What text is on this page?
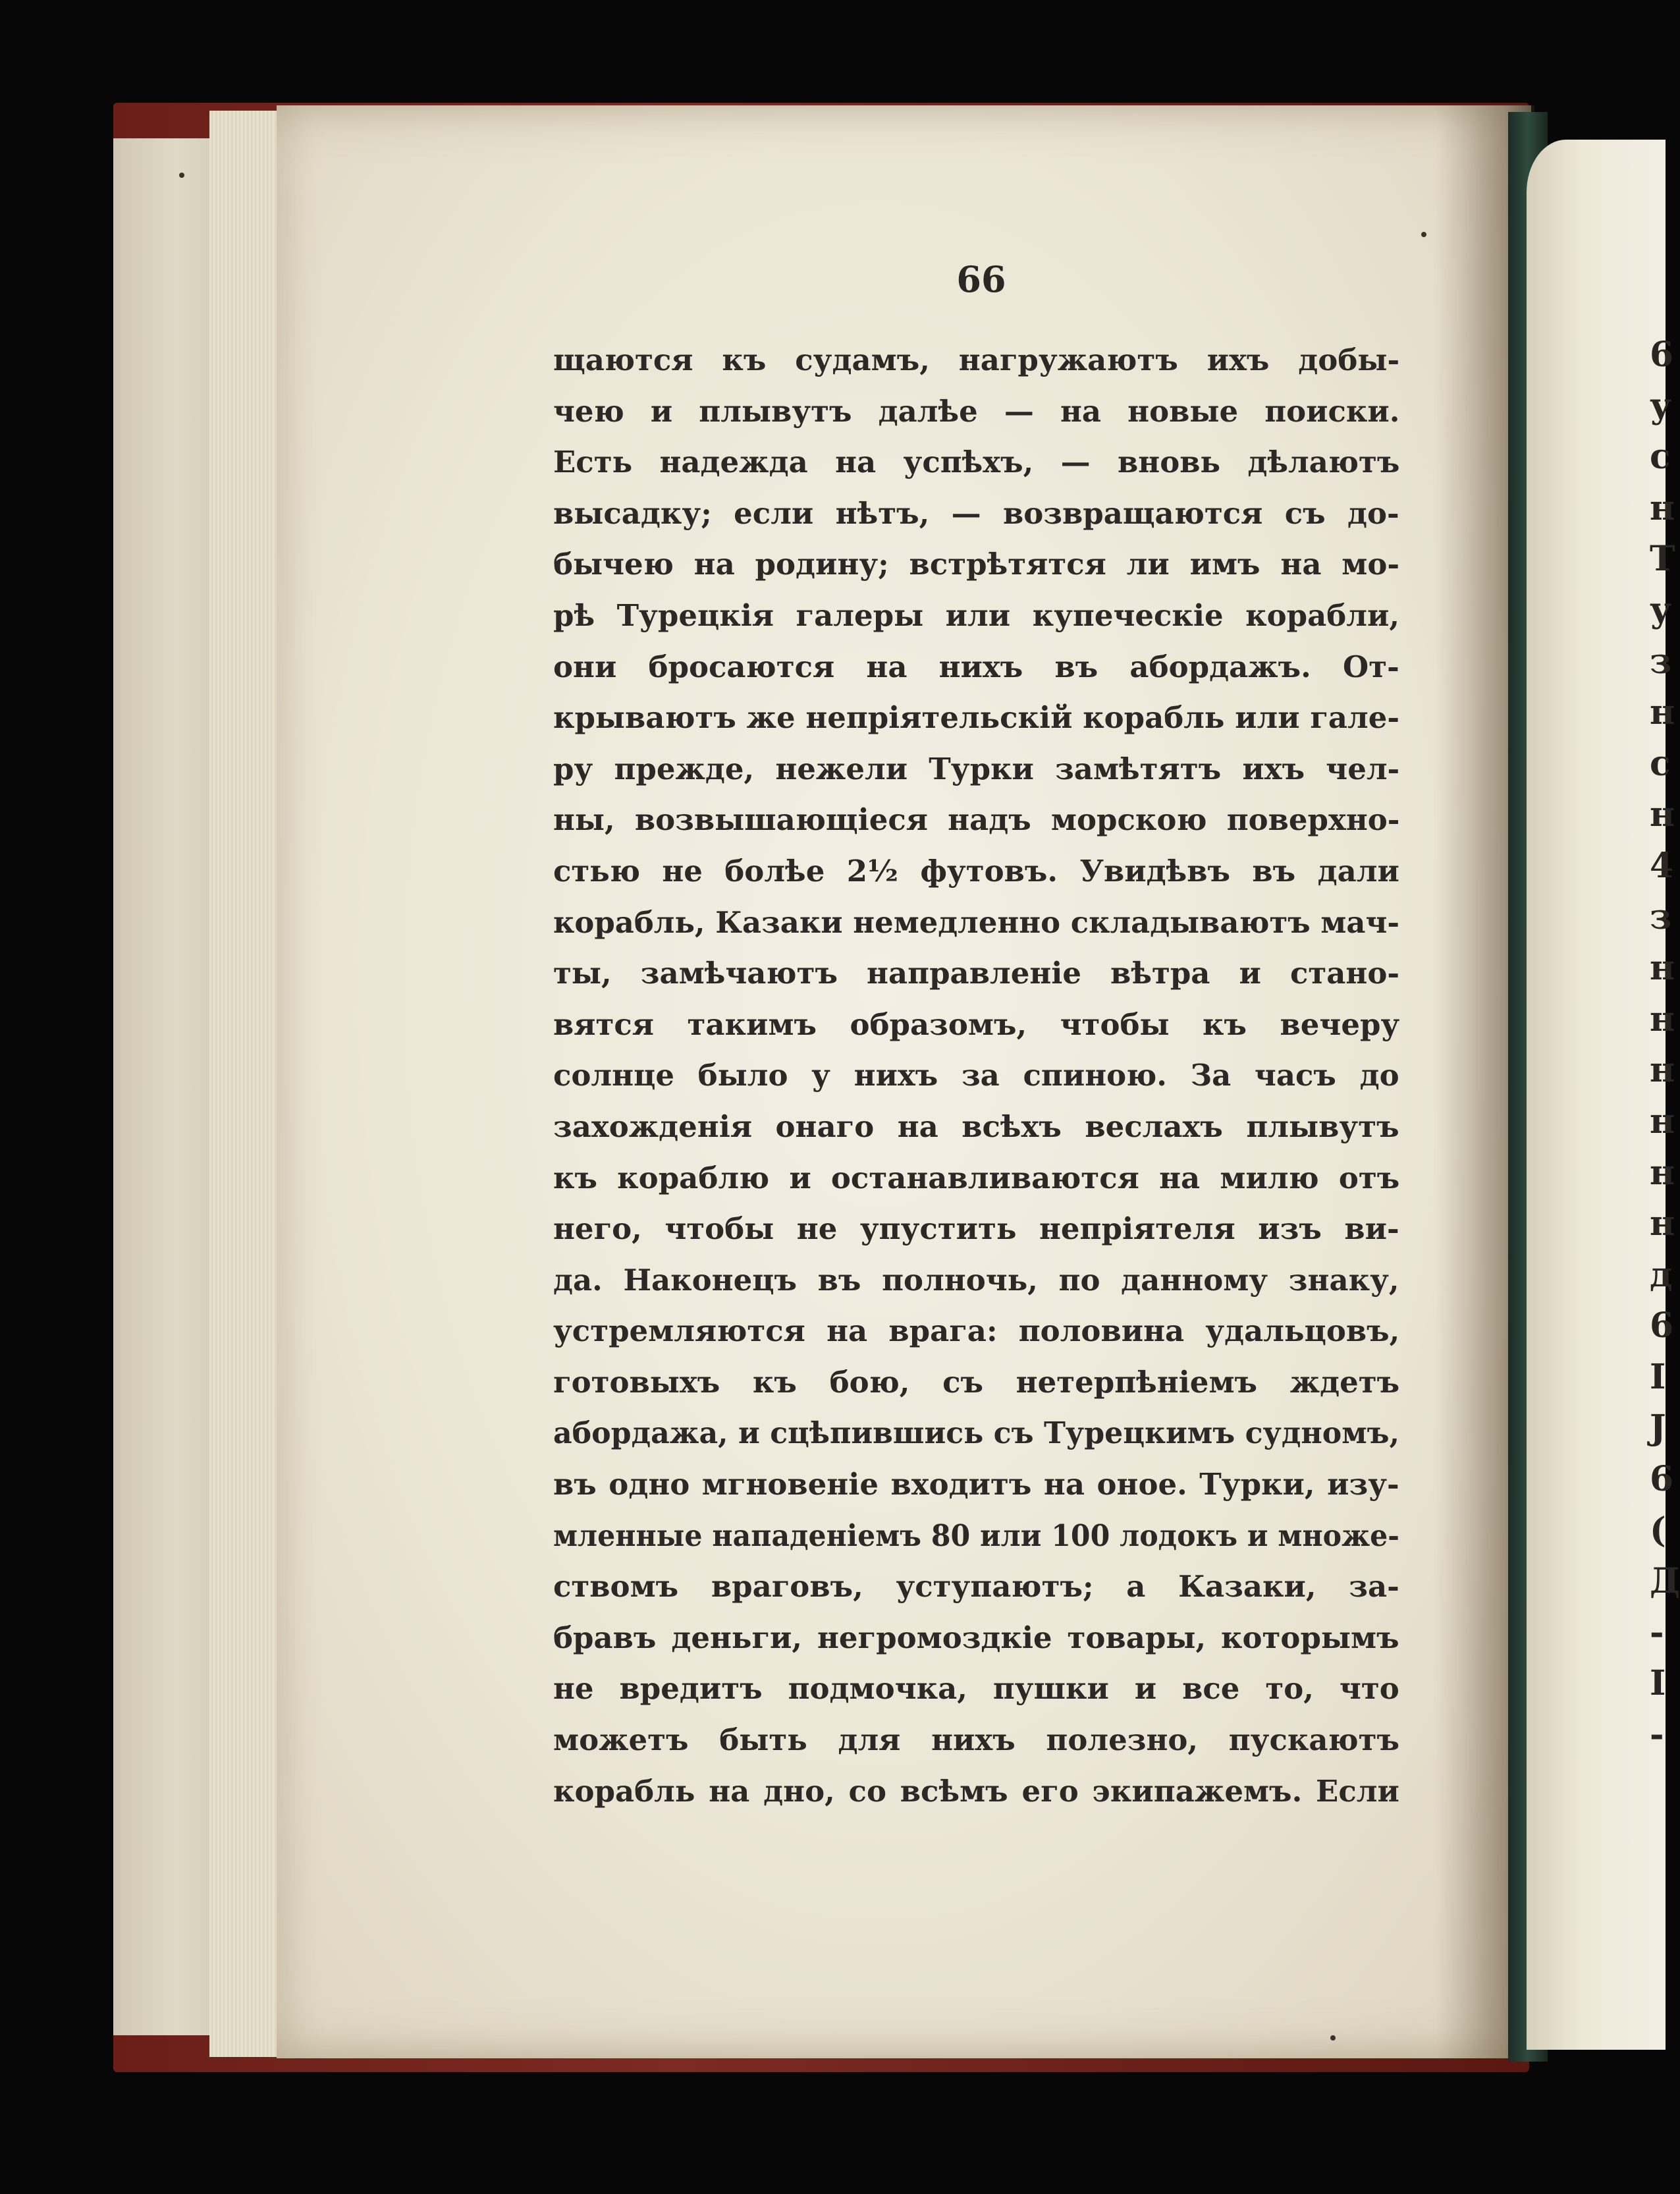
6
у
с
н
Т
у
з
н
с
н
4
з
н
н
н
н
н
н
д
6
I
J
6
(
Д
-
I
-
66
щаются къ судамъ, нагружаютъ ихъ добы-
чею и плывутъ далѣе — на новые поиски.
Есть надежда на успѣхъ, — вновь дѣлаютъ
высадку; если нѣтъ, — возвращаются съ до-
бычею на родину; встрѣтятся ли имъ на мо-
рѣ Турецкія галеры или купеческіе корабли,
они бросаются на нихъ въ абордажъ. От-
крываютъ же непріятельскій корабль или гале-
ру прежде, нежели Турки замѣтятъ ихъ чел-
ны, возвышающіеся надъ морскою поверхно-
стью не болѣе 2½ футовъ. Увидѣвъ въ дали
корабль, Казаки немедленно складываютъ мач-
ты, замѣчаютъ направленіе вѣтра и стано-
вятся такимъ образомъ, чтобы къ вечеру
солнце было у нихъ за спиною. За часъ до
захожденія онаго на всѣхъ веслахъ плывутъ
къ кораблю и останавливаются на милю отъ
него, чтобы не упустить непріятеля изъ ви-
да. Наконецъ въ полночь, по данному знаку,
устремляются на врага: половина удальцовъ,
готовыхъ къ бою, съ нетерпѣніемъ ждетъ
абордажа, и сцѣпившись съ Турецкимъ судномъ,
въ одно мгновеніе входитъ на оное. Турки, изу-
мленные нападеніемъ 80 или 100 лодокъ и множе-
ствомъ враговъ, уступаютъ; а Казаки, за-
бравъ деньги, негромоздкіе товары, которымъ
не вредитъ подмочка, пушки и все то, что
можетъ быть для нихъ полезно, пускаютъ
корабль на дно, со всѣмъ его экипажемъ. Если
